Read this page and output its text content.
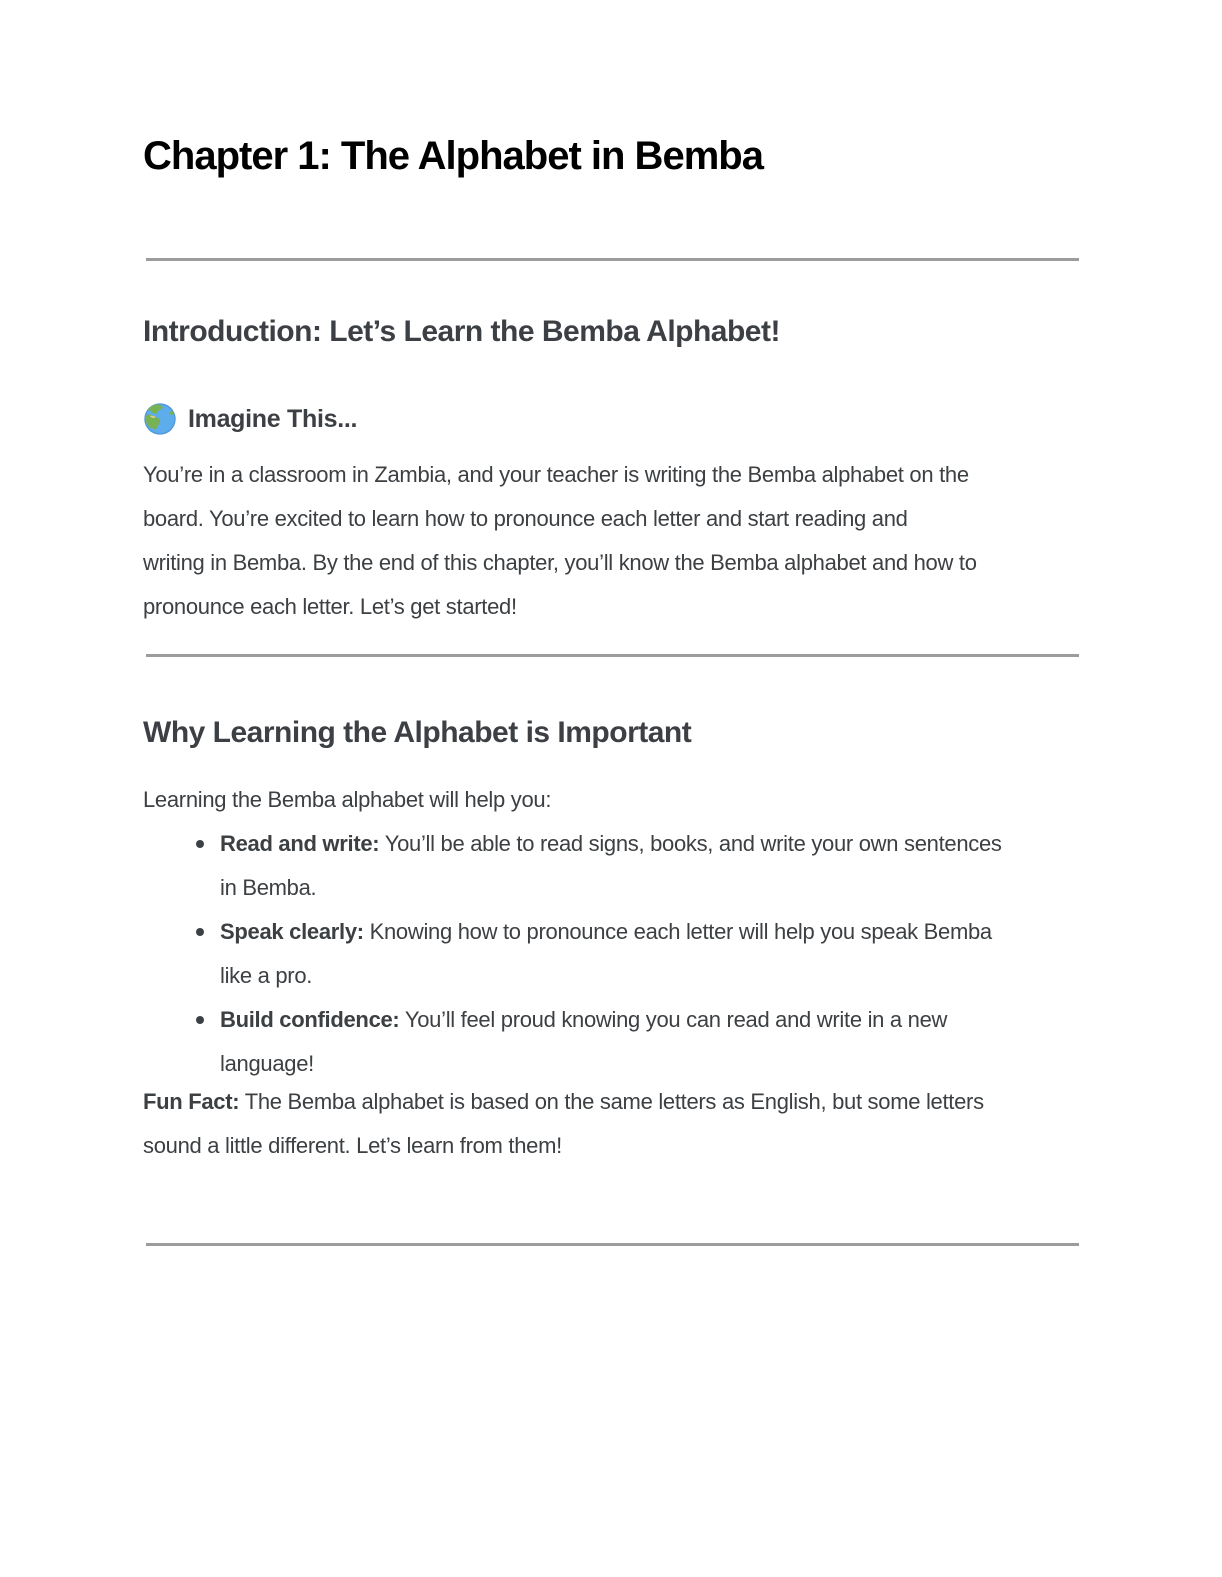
Chapter 1: The Alphabet in Bemba
Introduction: Let’s Learn the Bemba Alphabet!
Imagine This...
You’re in a classroom in Zambia, and your teacher is writing the Bemba alphabet on the
board. You’re excited to learn how to pronounce each letter and start reading and
writing in Bemba. By the end of this chapter, you’ll know the Bemba alphabet and how to
pronounce each letter. Let’s get started!
Why Learning the Alphabet is Important
Learning the Bemba alphabet will help you:
Read and write: You’ll be able to read signs, books, and write your own sentences
in Bemba.
Speak clearly: Knowing how to pronounce each letter will help you speak Bemba
like a pro.
Build confidence: You’ll feel proud knowing you can read and write in a new
language!
Fun Fact: The Bemba alphabet is based on the same letters as English, but some letters
sound a little different. Let’s learn from them!
